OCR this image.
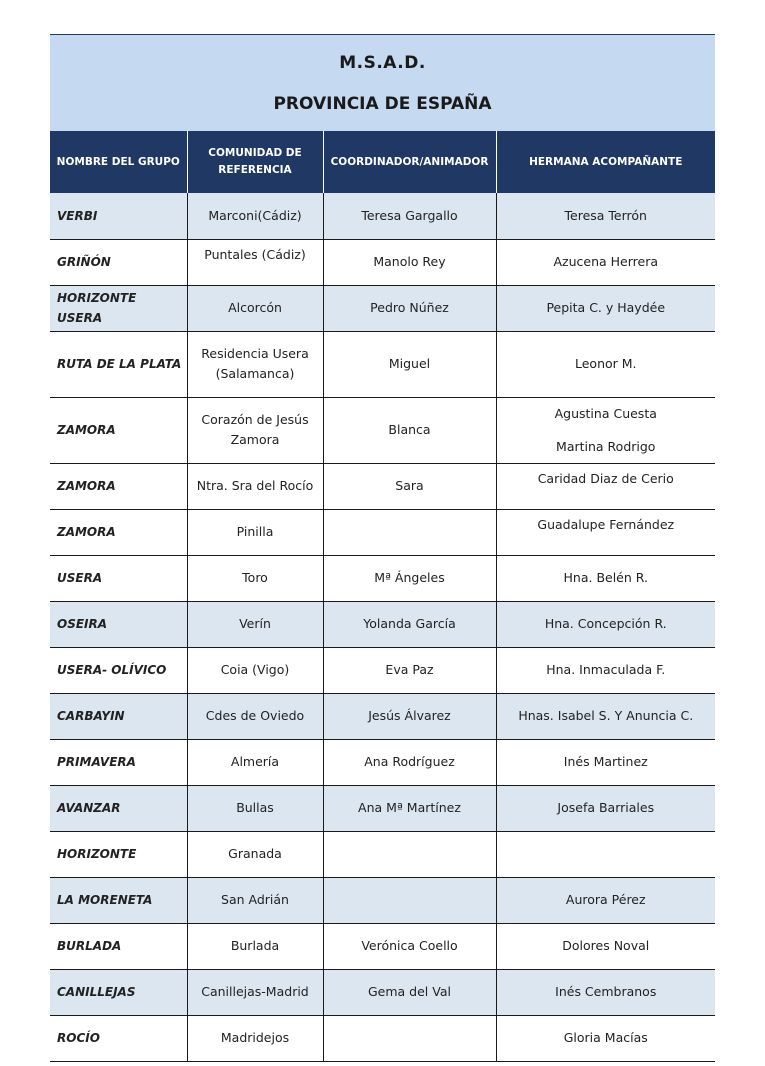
M.S.A.D.
PROVINCIA DE ESPAÑA
NOMBRE DEL GRUPO	COMUNIDAD DE REFERENCIA	COORDINADOR/ANIMADOR	HERMANA ACOMPAÑANTE

VERBI	Marconi(Cádiz)	Teresa Gargallo	Teresa Terrón

GRIÑÓN	Puntales (Cádiz)	Manolo Rey	Azucena Herrera

HORIZONTE USERA	Alcorcón	Pedro Núñez	Pepita C. y Haydée

RUTA DE LA PLATA	Residencia Usera (Salamanca)	Miguel	Leonor M.

ZAMORA	Corazón de Jesús Zamora	Blanca	Agustina Cuesta
Martina Rodrigo

ZAMORA	Ntra. Sra del Rocío	Sara	Caridad Diaz de Cerio

ZAMORA	Pinilla		Guadalupe Fernández

USERA	Toro	Mª Ángeles	Hna. Belén R.

OSEIRA	Verín	Yolanda García	Hna. Concepción R.

USERA- OLÍVICO	Coia (Vigo)	Eva Paz	Hna. Inmaculada F.

CARBAYIN	Cdes de Oviedo	Jesús Álvarez	Hnas. Isabel S. Y Anuncia C.

PRIMAVERA	Almería	Ana Rodríguez	Inés Martinez

AVANZAR	Bullas	Ana Mª Martínez	Josefa Barriales

HORIZONTE	Granada		

LA MORENETA	San Adrián		Aurora Pérez

BURLADA	Burlada	Verónica Coello	Dolores Noval

CANILLEJAS	Canillejas-Madrid	Gema del Val	Inés Cembranos

ROCÍO	Madridejos		Gloria Macías
